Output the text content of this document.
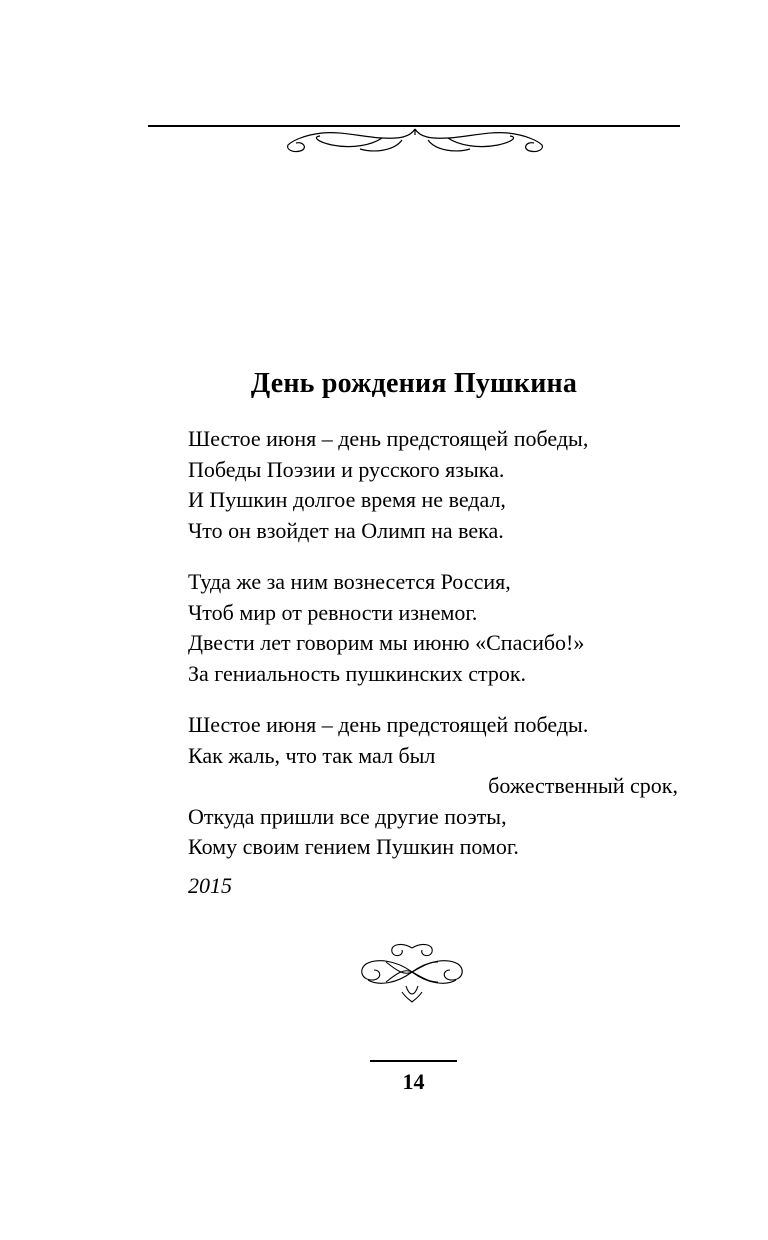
День рождения Пушкина
Шестое июня – день предстоящей победы,
Победы Поэзии и русского языка.
И Пушкин долгое время не ведал,
Что он взойдет на Олимп на века.
Туда же за ним вознесется Россия,
Чтоб мир от ревности изнемог.
Двести лет говорим мы июню «Спасибо!»
За гениальность пушкинских строк.
Шестое июня – день предстоящей победы.
Как жаль, что так мал был
божественный срок,
Откуда пришли все другие поэты,
Кому своим гением Пушкин помог.
2015
14
